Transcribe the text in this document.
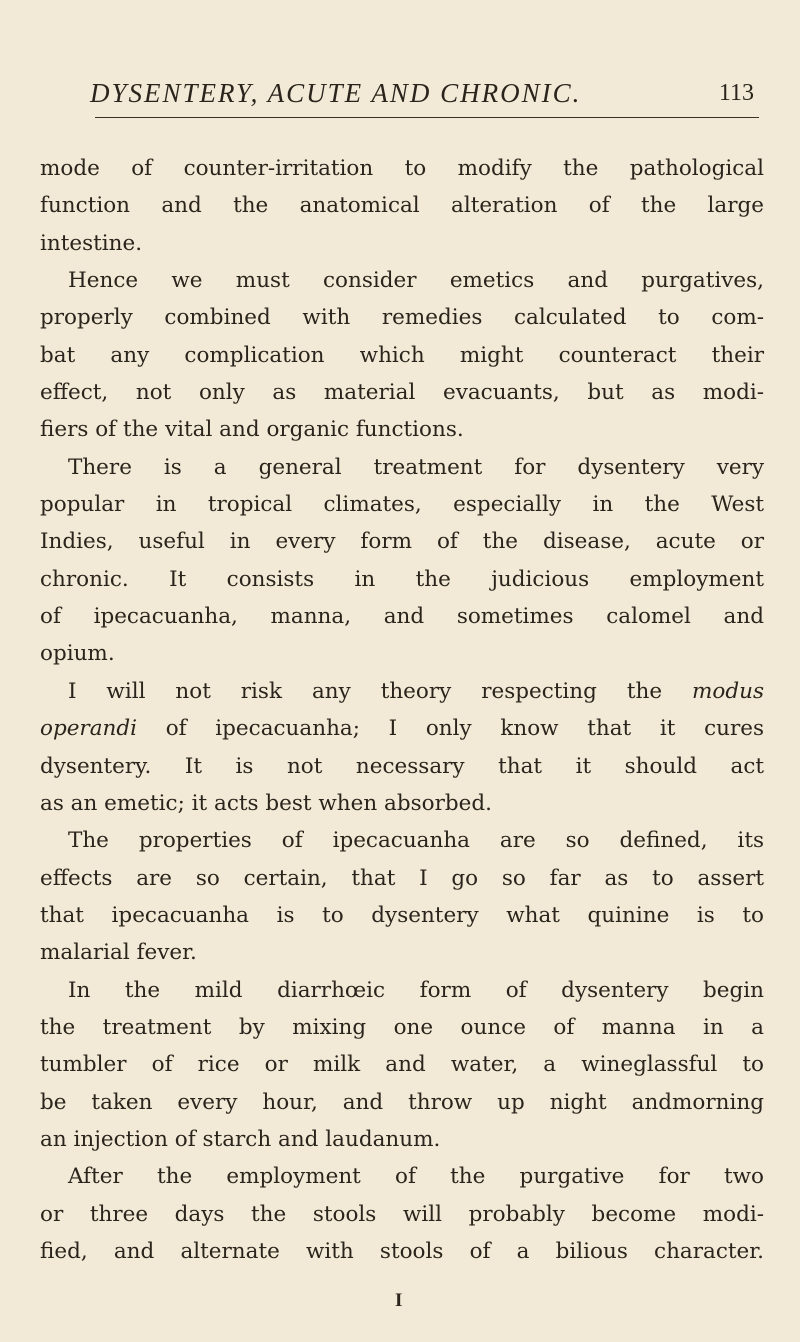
DYSENTERY, ACUTE AND CHRONIC.	113
mode of counter-irritation to modify the pathological
function and the anatomical alteration of the large
intestine.
Hence we must consider emetics and purgatives,
properly combined with remedies calculated to com-
bat any complication which might counteract their
effect, not only as material evacuants, but as modi-
fiers of the vital and organic functions.
There is a general treatment for dysentery very
popular in tropical climates, especially in the West
Indies, useful in every form of the disease, acute or
chronic. It consists in the judicious employment
of ipecacuanha, manna, and sometimes calomel and
opium.
I will not risk any theory respecting the modus
operandi of ipecacuanha; I only know that it cures
dysentery. It is not necessary that it should act
as an emetic; it acts best when absorbed.
The properties of ipecacuanha are so defined, its
effects are so certain, that I go so far as to assert
that ipecacuanha is to dysentery what quinine is to
malarial fever.
In the mild diarrhœic form of dysentery begin
the treatment by mixing one ounce of manna in a
tumbler of rice or milk and water, a wineglassful to
be taken every hour, and throw up night andmorning
an injection of starch and laudanum.
After the employment of the purgative for two
or three days the stools will probably become modi-
fied, and alternate with stools of a bilious character.
I
